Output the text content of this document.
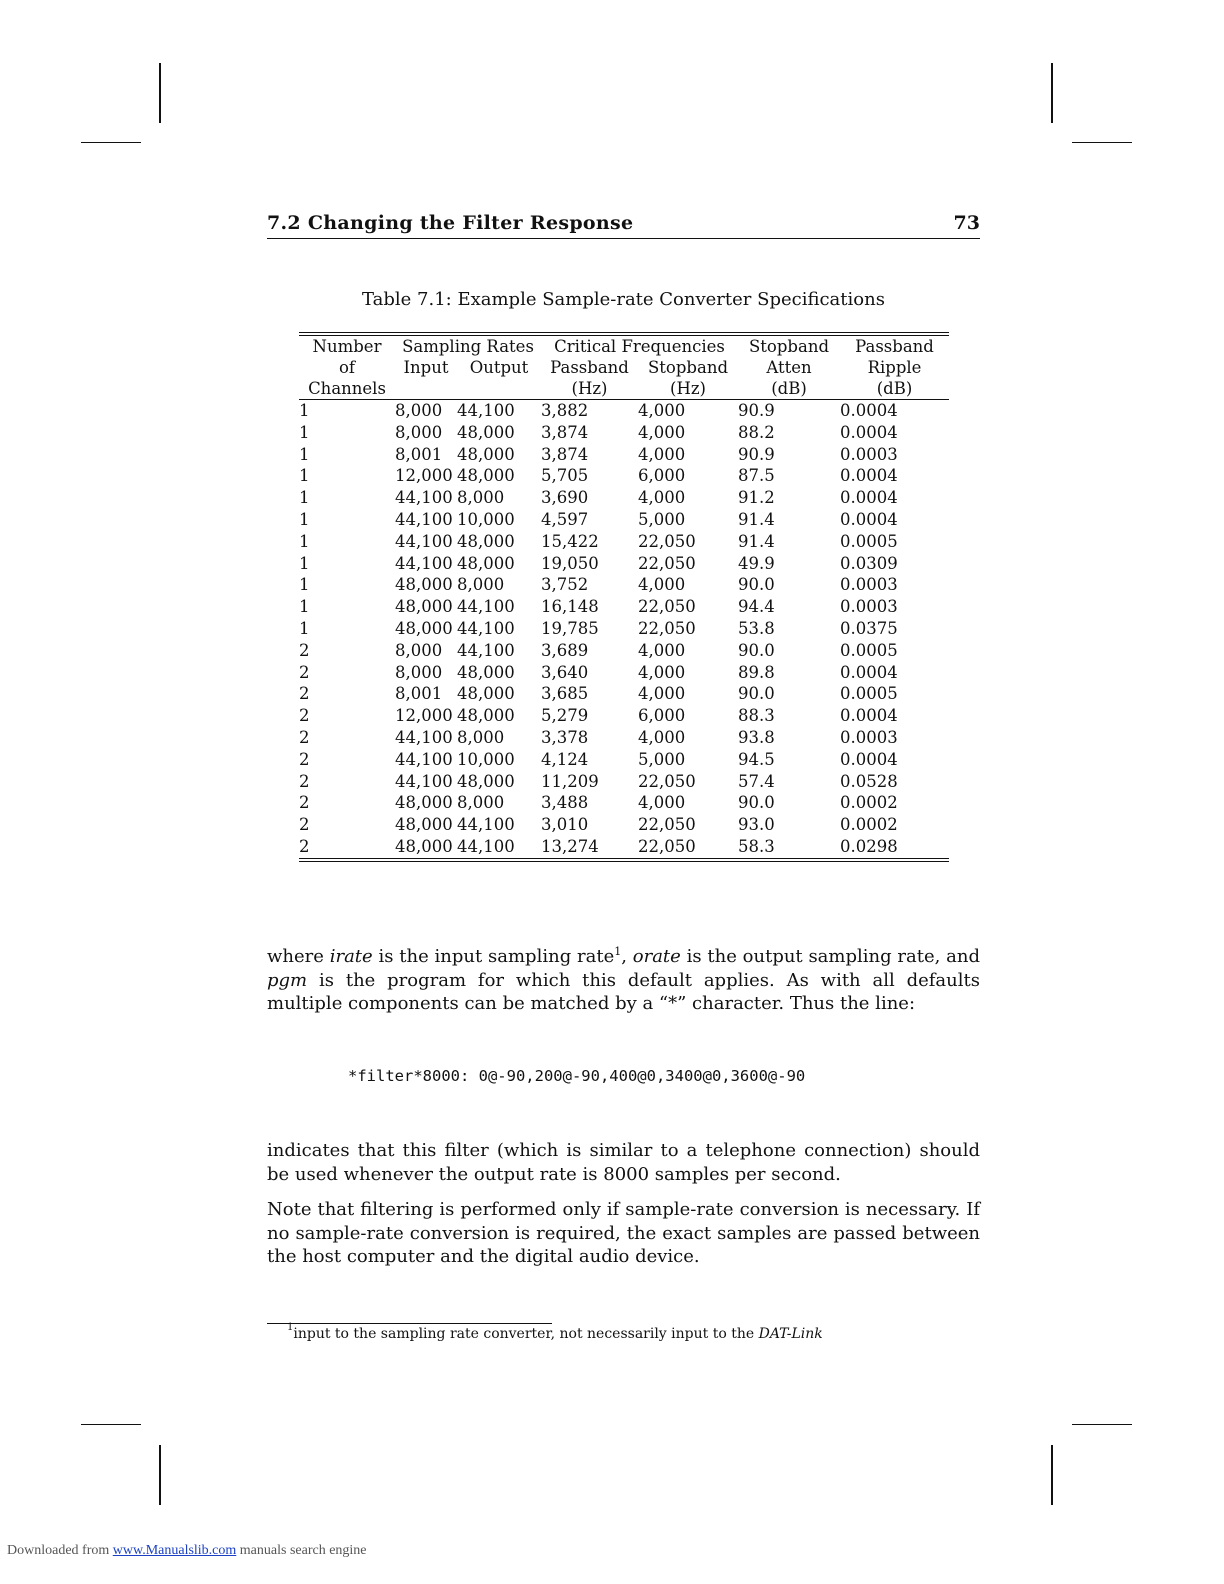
7.2 Changing the Filter Response	73
Table 7.1: Example Sample-rate Converter Specifications
Number	Sampling Rates		Critical Frequencies		Stopband	Passband
of	Input	Output	Passband	Stopband	Atten	Ripple
Channels			(Hz)	(Hz)	(dB)	(dB)
1	8,000	44,100	3,882	4,000	90.9	0.0004
1	8,000	48,000	3,874	4,000	88.2	0.0004
1	8,001	48,000	3,874	4,000	90.9	0.0003
1	12,000	48,000	5,705	6,000	87.5	0.0004
1	44,100	8,000	3,690	4,000	91.2	0.0004
1	44,100	10,000	4,597	5,000	91.4	0.0004
1	44,100	48,000	15,422	22,050	91.4	0.0005
1	44,100	48,000	19,050	22,050	49.9	0.0309
1	48,000	8,000	3,752	4,000	90.0	0.0003
1	48,000	44,100	16,148	22,050	94.4	0.0003
1	48,000	44,100	19,785	22,050	53.8	0.0375
2	8,000	44,100	3,689	4,000	90.0	0.0005
2	8,000	48,000	3,640	4,000	89.8	0.0004
2	8,001	48,000	3,685	4,000	90.0	0.0005
2	12,000	48,000	5,279	6,000	88.3	0.0004
2	44,100	8,000	3,378	4,000	93.8	0.0003
2	44,100	10,000	4,124	5,000	94.5	0.0004
2	44,100	48,000	11,209	22,050	57.4	0.0528
2	48,000	8,000	3,488	4,000	90.0	0.0002
2	48,000	44,100	3,010	22,050	93.0	0.0002
2	48,000	44,100	13,274	22,050	58.3	0.0298
where irate is the input sampling rate$^1$, orate is the output sampling rate, and pgm is the program for which this default applies. As with all defaults multiple components can be matched by a “*” character. Thus the line:
*filter*8000: 0@-90,200@-90,400@0,3400@0,3600@-90
indicates that this filter (which is similar to a telephone connection) should be used whenever the output rate is 8000 samples per second.
Note that filtering is performed only if sample-rate conversion is necessary. If no sample-rate conversion is required, the exact samples are passed between the host computer and the digital audio device.
$^1$input to the sampling rate converter, not necessarily input to the DAT-Link
Downloaded from www.Manualslib.com manuals search engine
